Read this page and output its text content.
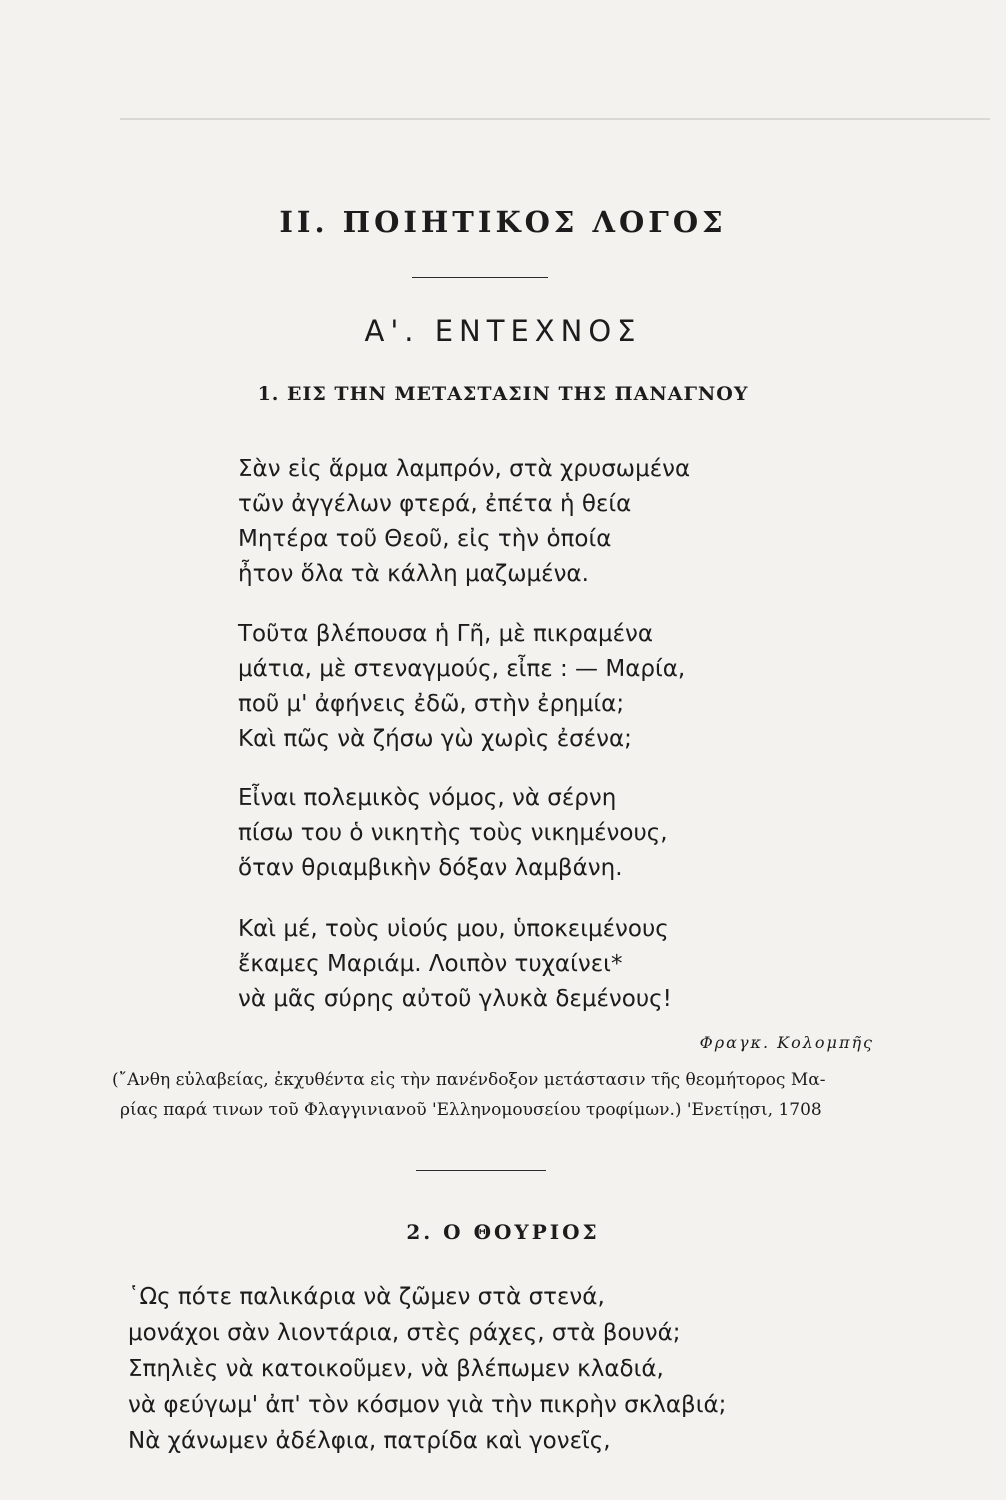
ΙΙ. ΠΟΙΗΤΙΚΟΣ ΛΟΓΟΣ
Α'. ΕΝΤΕΧΝΟΣ
1. ΕΙΣ ΤΗΝ ΜΕΤΑΣΤΑΣΙΝ ΤΗΣ ΠΑΝΑΓΝΟΥ
Σὰν εἰς ἅρμα λαμπρόν, στὰ χρυσωμένα
τῶν ἀγγέλων φτερά, ἐπέτα ἡ θεία
Μητέρα τοῦ Θεοῦ, εἰς τὴν ὁποία
ἦτον ὅλα τὰ κάλλη μαζωμένα.
Τοῦτα βλέπουσα ἡ Γῆ, μὲ πικραμένα
μάτια, μὲ στεναγμούς, εἶπε : — Μαρία,
ποῦ μ' ἀφήνεις ἐδῶ, στὴν ἐρημία;
Καὶ πῶς νὰ ζήσω γὼ χωρὶς ἐσένα;
Εἶναι πολεμικὸς νόμος, νὰ σέρνη
πίσω του ὁ νικητὴς τοὺς νικημένους,
ὅταν θριαμβικὴν δόξαν λαμβάνη.
Καὶ μέ, τοὺς υἱούς μου, ὑποκειμένους
ἔκαμες Μαριάμ. Λοιπὸν τυχαίνει*
νὰ μᾶς σύρης αὐτοῦ γλυκὰ δεμένους!
Φραγκ. Κολομπῆς
(῎Ανθη εὐλαβείας, ἐκχυθέντα εἰς τὴν πανένδοξον μετάστασιν τῆς θεομήτορος Μα-
ρίας παρά τινων τοῦ Φλαγγινιανοῦ 'Ελληνομουσείου τροφίμων.) 'Ενετίῃσι, 1708
2. Ο ΘΟΥΡΙΟΣ
῾Ως πότε παλικάρια νὰ ζῶμεν στὰ στενά,
μονάχοι σὰν λιοντάρια, στὲς ράχες, στὰ βουνά;
Σπηλιὲς νὰ κατοικοῦμεν, νὰ βλέπωμεν κλαδιά,
νὰ φεύγωμ' ἀπ' τὸν κόσμον γιὰ τὴν πικρὴν σκλαβιά;
Νὰ χάνωμεν ἀδέλφια, πατρίδα καὶ γονεῖς,
